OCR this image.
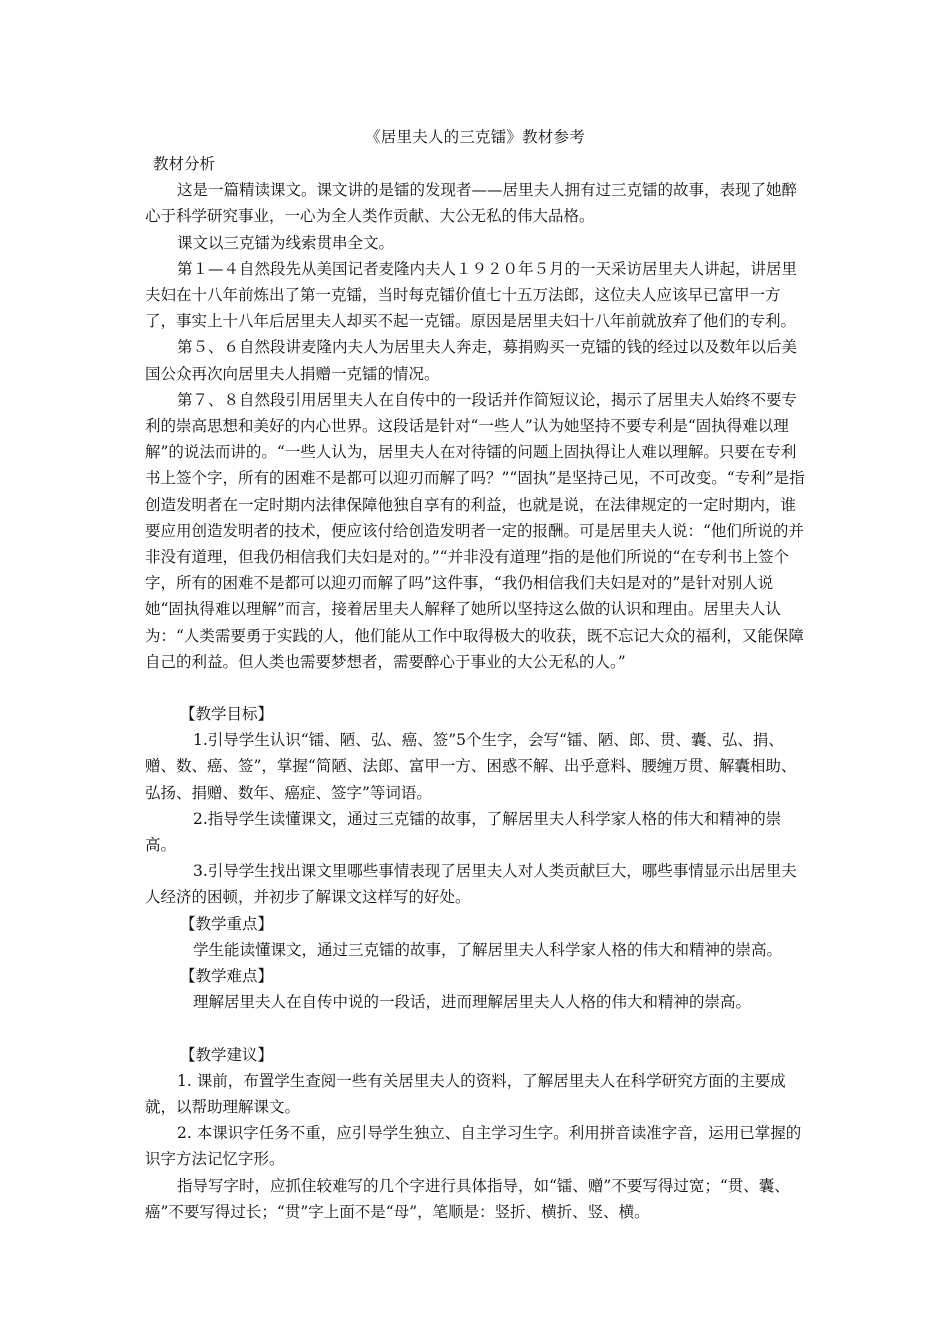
《居里夫人的三克镭》教材参考

教材分析

这是一篇精读课文。课文讲的是镭的发现者——居里夫人拥有过三克镭的故事，表现了她醉心于科学研究事业，一心为全人类作贡献、大公无私的伟大品格。

课文以三克镭为线索贯串全文。

第１—４自然段先从美国记者麦隆内夫人１９２０年５月的一天采访居里夫人讲起，讲居里夫妇在十八年前炼出了第一克镭，当时每克镭价值七十五万法郎，这位夫人应该早已富甲一方了，事实上十八年后居里夫人却买不起一克镭。原因是居里夫妇十八年前就放弃了他们的专利。

第５、６自然段讲麦隆内夫人为居里夫人奔走，募捐购买一克镭的钱的经过以及数年以后美国公众再次向居里夫人捐赠一克镭的情况。

第７、８自然段引用居里夫人在自传中的一段话并作简短议论，揭示了居里夫人始终不要专利的崇高思想和美好的内心世界。这段话是针对“一些人”认为她坚持不要专利是“固执得难以理解”的说法而讲的。“一些人认为，居里夫人在对待镭的问题上固执得让人难以理解。只要在专利书上签个字，所有的困难不是都可以迎刃而解了吗？”“固执”是坚持己见，不可改变。“专利”是指创造发明者在一定时期内法律保障他独自享有的利益，也就是说，在法律规定的一定时期内，谁要应用创造发明者的技术，便应该付给创造发明者一定的报酬。可是居里夫人说：“他们所说的并非没有道理，但我仍相信我们夫妇是对的。”“并非没有道理”指的是他们所说的“在专利书上签个字，所有的困难不是都可以迎刃而解了吗”这件事，“我仍相信我们夫妇是对的”是针对别人说她“固执得难以理解”而言，接着居里夫人解释了她所以坚持这么做的认识和理由。居里夫人认为：“人类需要勇于实践的人，他们能从工作中取得极大的收获，既不忘记大众的福利，又能保障自己的利益。但人类也需要梦想者，需要醉心于事业的大公无私的人。”

【教学目标】

1.引导学生认识“镭、陋、弘、癌、签”5个生字，会写“镭、陋、郎、贯、囊、弘、捐、赠、数、癌、签”，掌握“简陋、法郎、富甲一方、困惑不解、出乎意料、腰缠万贯、解囊相助、弘扬、捐赠、数年、癌症、签字”等词语。

2.指导学生读懂课文，通过三克镭的故事，了解居里夫人科学家人格的伟大和精神的崇高。

3.引导学生找出课文里哪些事情表现了居里夫人对人类贡献巨大，哪些事情显示出居里夫人经济的困顿，并初步了解课文这样写的好处。

【教学重点】

学生能读懂课文，通过三克镭的故事，了解居里夫人科学家人格的伟大和精神的崇高。

【教学难点】

理解居里夫人在自传中说的一段话，进而理解居里夫人人格的伟大和精神的崇高。

【教学建议】

1. 课前，布置学生查阅一些有关居里夫人的资料，了解居里夫人在科学研究方面的主要成就，以帮助理解课文。

2. 本课识字任务不重，应引导学生独立、自主学习生字。利用拼音读准字音，运用已掌握的识字方法记忆字形。

指导写字时，应抓住较难写的几个字进行具体指导，如“镭、赠”不要写得过宽；“贯、囊、癌”不要写得过长；“贯”字上面不是“母”，笔顺是：竖折、横折、竖、横。
